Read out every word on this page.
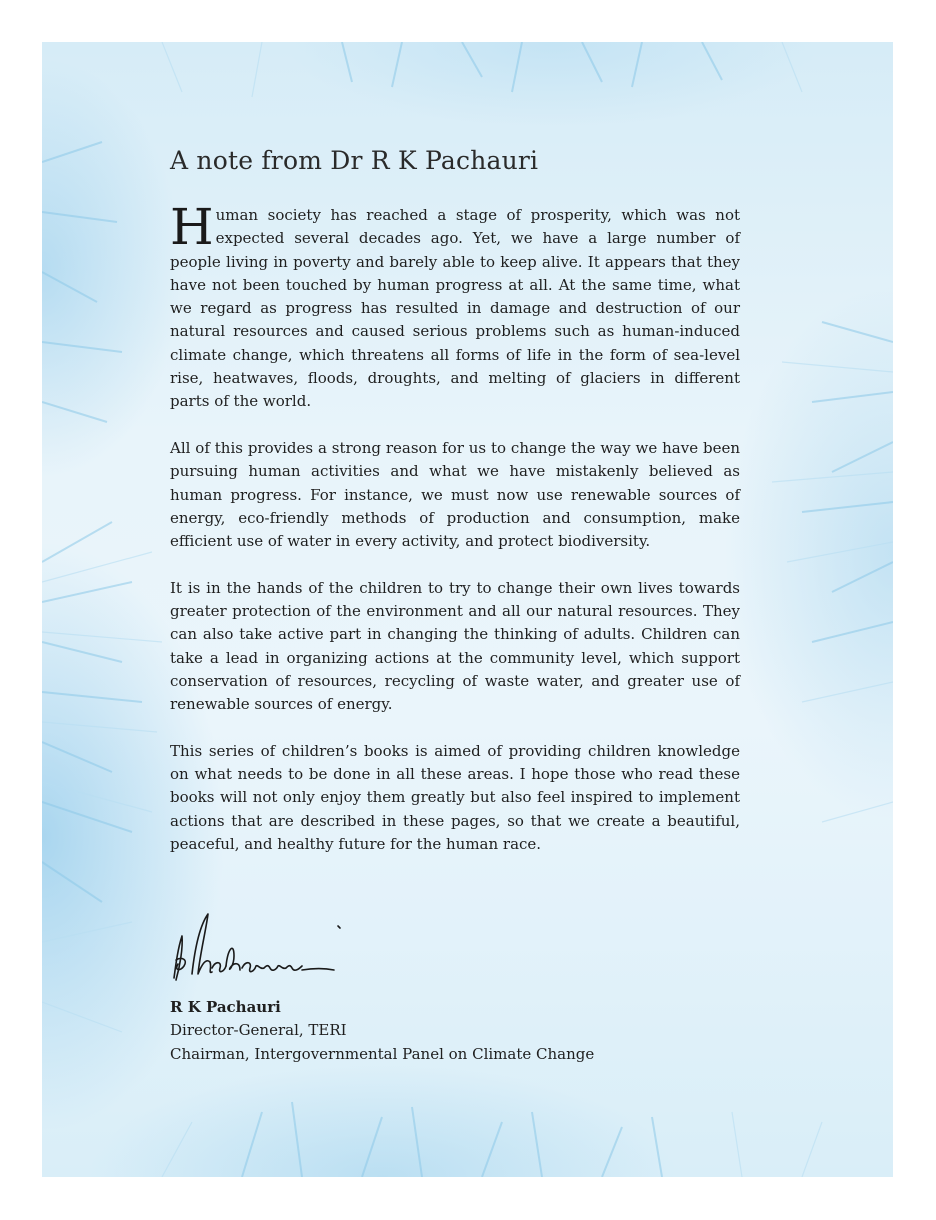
A note from Dr R K Pachauri

Human society has reached a stage of prosperity, which was not expected several decades ago. Yet, we have a large number of people living in poverty and barely able to keep alive. It appears that they have not been touched by human progress at all. At the same time, what we regard as progress has resulted in damage and destruction of our natural resources and caused serious problems such as human-induced climate change, which threatens all forms of life in the form of sea-level rise, heatwaves, floods, droughts, and melting of glaciers in different parts of the world.

All of this provides a strong reason for us to change the way we have been pursuing human activities and what we have mistakenly believed as human progress. For instance, we must now use renewable sources of energy, eco-friendly methods of production and consumption, make efficient use of water in every activity, and protect biodiversity.

It is in the hands of the children to try to change their own lives towards greater protection of the environment and all our natural resources. They can also take active part in changing the thinking of adults. Children can take a lead in organizing actions at the community level, which support conservation of resources, recycling of waste water, and greater use of renewable sources of energy.

This series of children’s books is aimed of providing children knowledge on what needs to be done in all these areas. I hope those who read these books will not only enjoy them greatly but also feel inspired to implement actions that are described in these pages, so that we create a beautiful, peaceful, and healthy future for the human race.

R K Pachauri
Director-General, TERI
Chairman, Intergovernmental Panel on Climate Change
